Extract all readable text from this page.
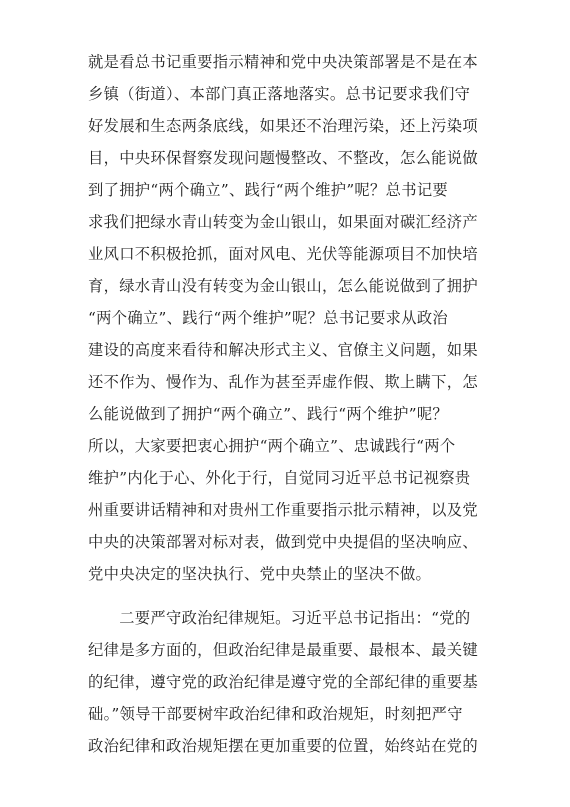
就是看总书记重要指示精神和党中央决策部署是不是在本
乡镇（街道）、本部门真正落地落实。总书记要求我们守
好发展和生态两条底线，如果还不治理污染，还上污染项
目，中央环保督察发现问题慢整改、不整改，怎么能说做
到了拥护“两个确立”、践行“两个维护”呢？总书记要
求我们把绿水青山转变为金山银山，如果面对碳汇经济产
业风口不积极抢抓，面对风电、光伏等能源项目不加快培
育，绿水青山没有转变为金山银山，怎么能说做到了拥护
“两个确立”、践行“两个维护”呢？总书记要求从政治
建设的高度来看待和解决形式主义、官僚主义问题，如果
还不作为、慢作为、乱作为甚至弄虚作假、欺上瞒下，怎
么能说做到了拥护“两个确立”、践行“两个维护”呢？
所以，大家要把衷心拥护“两个确立”、忠诚践行“两个
维护”内化于心、外化于行，自觉同习近平总书记视察贵
州重要讲话精神和对贵州工作重要指示批示精神，以及党
中央的决策部署对标对表，做到党中央提倡的坚决响应、
党中央决定的坚决执行、党中央禁止的坚决不做。
　　二要严守政治纪律规矩。习近平总书记指出：“党的
纪律是多方面的，但政治纪律是最重要、最根本、最关键
的纪律，遵守党的政治纪律是遵守党的全部纪律的重要基
础。”领导干部要树牢政治纪律和政治规矩，时刻把严守
政治纪律和政治规矩摆在更加重要的位置，始终站在党的
